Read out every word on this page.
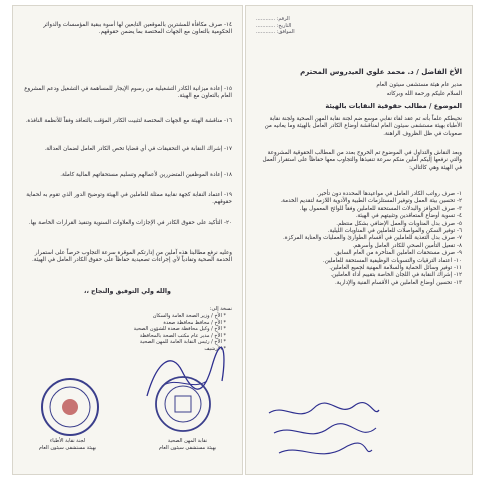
١٤- صرف مكافأة للمشترين بالموقعين التابعين لها أسوة ببقية المؤسسات والدوائر الحكومية بالتعاون مع الجهات المختصة بما يضمن حقوقهم.
١٥- إعادة ميزانية الكادر التشغيلية من رسوم الإيجار للمساهمة في التشغيل ودعم المشروع العام بالتعاون مع الهيئة.
١٦- مناقشة الهيئة مع الجهات المختصة لتثبيت الكادر المؤقت بالتعاقد وفقاً للأنظمة النافذة.
١٧- إشراك النقابة في التحقيقات في أي قضايا تخص الكادر العامل لضمان العدالة.
١٨- إعادة الموظفين المتضررين لأعمالهم وتسليم مستحقاتهم المالية كاملة.
١٩- اعتماد النقابة كجهة نقابية ممثلة للعاملين في الهيئة وتوضيح الدور الذي تقوم به لحماية حقوقهم.
٢٠- التأكيد على حقوق الكادر في الإجازات والعلاوات السنوية وتنفيذ القرارات الخاصة بها.
وعليه نرفع مطالبنا هذه آملين من إدارتكم الموقرة سرعة التجاوب حرصاً على استمرار الخدمة الصحية وتفادياً لأي إجراءات تصعيدية حفاظاً على حقوق الكادر العامل في الهيئة.
والله ولي التوفيق والنجاح ،،
نسخة إلى:
* الأخ / وزير الصحة العامة والسكان
* الأخ / محافظ محافظة صعدة
* الأخ / وكيل محافظة صعدة للشؤون الصحية
* الأخ / مدير عام مكتب الصحة بالمحافظة
* الأخ / رئيس النقابة العامة للمهن الصحية
* الأرشيف
لجنة نقابة الأطباء
بهيئة مستشفى سيئون العام
نقابة المهن الصحية
بهيئة مستشفى سيئون العام
الرقم: ............
التاريخ: ............
الموافق: ............
الأخ الفاضل / د. محمد علوي العيدروس المحترم
مدير عام هيئة مستشفى سيئون العام
السلام عليكم ورحمة الله وبركاته
الموضوع / مطالب حقوقية النقابات بالهيئة
نحيطكم علماً بأنه تم عقد لقاء نقابي موسع ضم لجنة نقابة المهن الصحية ولجنة نقابة الأطباء بهيئة مستشفى سيئون العام لمناقشة أوضاع الكادر العامل بالهيئة وما يعانيه من صعوبات في ظل الظروف الراهنة.
وبعد النقاش والتداول في الموضوع تم الخروج بعدد من المطالب الحقوقية المشروعة والتي نرفعها إليكم آملين منكم سرعة تنفيذها والتجاوب معها حفاظاً على استقرار العمل في الهيئة وهي كالتالي:
١- صرف رواتب الكادر العامل في مواعيدها المحددة دون تأخير.
٢- تحسين بيئة العمل وتوفير المستلزمات الطبية والأدوية اللازمة لتقديم الخدمة.
٣- صرف الحوافز والبدلات المستحقة للعاملين وفقاً للوائح المعمول بها.
٤- تسوية أوضاع المتعاقدين وتثبيتهم في الهيئة.
٥- صرف بدل المناوبات والعمل الإضافي بشكل منتظم.
٦- توفير السكن والمواصلات للعاملين في المناوبات الليلية.
٧- صرف بدل التغذية للعاملين في أقسام الطوارئ والعمليات والعناية المركزة.
٨- تفعيل التأمين الصحي للكادر العامل وأسرهم.
٩- صرف مستحقات العاملين المتأخرة من العام السابق.
١٠- اعتماد الترقيات والتسويات الوظيفية المستحقة للعاملين.
١١- توفير وسائل الحماية والسلامة المهنية لجميع العاملين.
١٢- إشراك النقابة في اللجان الخاصة بتقييم أداء العاملين.
١٣- تحسين أوضاع العاملين في الأقسام الفنية والإدارية.
